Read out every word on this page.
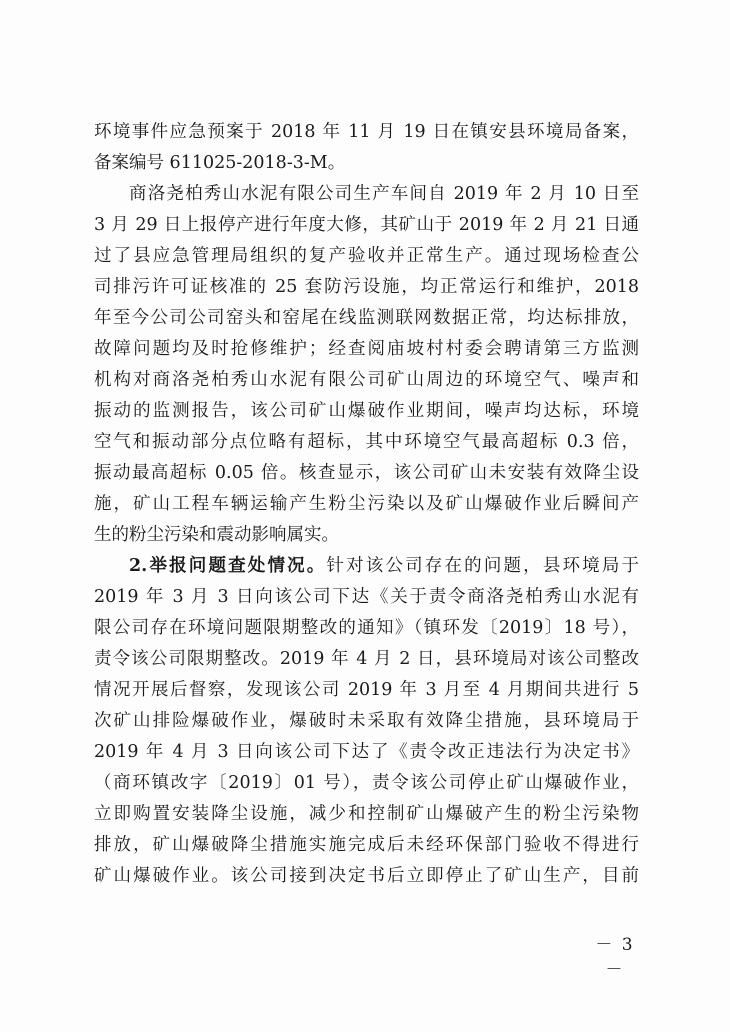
环境事件应急预案于 2018 年 11 月 19 日在镇安县环境局备案，
备案编号 611025-2018-3-M。
商洛尧柏秀山水泥有限公司生产车间自 2019 年 2 月 10 日至
3 月 29 日上报停产进行年度大修，其矿山于 2019 年 2 月 21 日通
过了县应急管理局组织的复产验收并正常生产。通过现场检查公
司排污许可证核准的 25 套防污设施，均正常运行和维护，2018
年至今公司公司窑头和窑尾在线监测联网数据正常，均达标排放，
故障问题均及时抢修维护；经查阅庙坡村村委会聘请第三方监测
机构对商洛尧柏秀山水泥有限公司矿山周边的环境空气、噪声和
振动的监测报告，该公司矿山爆破作业期间，噪声均达标，环境
空气和振动部分点位略有超标，其中环境空气最高超标 0.3 倍，
振动最高超标 0.05 倍。核查显示，该公司矿山未安装有效降尘设
施，矿山工程车辆运输产生粉尘污染以及矿山爆破作业后瞬间产
生的粉尘污染和震动影响属实。
2.举报问题查处情况。针对该公司存在的问题，县环境局于
2019 年 3 月 3 日向该公司下达《关于责令商洛尧柏秀山水泥有
限公司存在环境问题限期整改的通知》（镇环发〔2019〕18 号），
责令该公司限期整改。2019 年 4 月 2 日，县环境局对该公司整改
情况开展后督察，发现该公司 2019 年 3 月至 4 月期间共进行 5
次矿山排险爆破作业，爆破时未采取有效降尘措施，县环境局于
2019 年 4 月 3 日向该公司下达了《责令改正违法行为决定书》
（商环镇改字〔2019〕01 号），责令该公司停止矿山爆破作业，
立即购置安装降尘设施，减少和控制矿山爆破产生的粉尘污染物
排放，矿山爆破降尘措施实施完成后未经环保部门验收不得进行
矿山爆破作业。该公司接到决定书后立即停止了矿山生产，目前
－ 3 －
